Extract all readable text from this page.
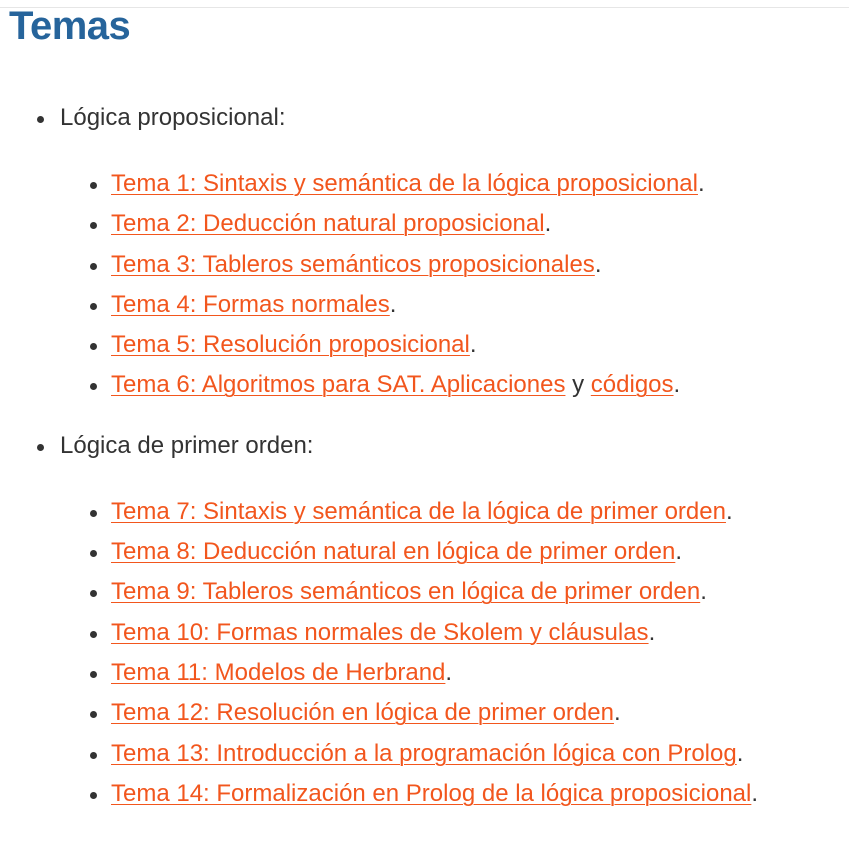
Temas
Lógica proposicional:
Tema 1: Sintaxis y semántica de la lógica proposicional.
Tema 2: Deducción natural proposicional.
Tema 3: Tableros semánticos proposicionales.
Tema 4: Formas normales.
Tema 5: Resolución proposicional.
Tema 6: Algoritmos para SAT. Aplicaciones y códigos.
Lógica de primer orden:
Tema 7: Sintaxis y semántica de la lógica de primer orden.
Tema 8: Deducción natural en lógica de primer orden.
Tema 9: Tableros semánticos en lógica de primer orden.
Tema 10: Formas normales de Skolem y cláusulas.
Tema 11: Modelos de Herbrand.
Tema 12: Resolución en lógica de primer orden.
Tema 13: Introducción a la programación lógica con Prolog.
Tema 14: Formalización en Prolog de la lógica proposicional.
